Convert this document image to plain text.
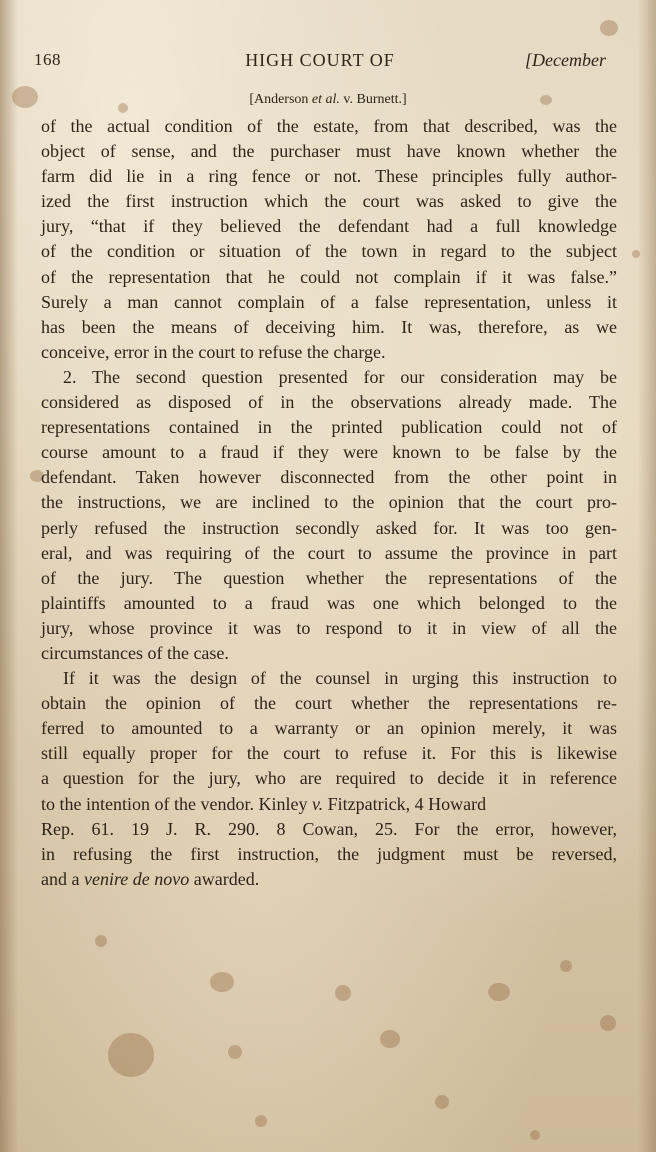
168	HIGH COURT OF	[December
[Anderson et al. v. Burnett.]
of the actual condition of the estate, from that described, was the
object of sense, and the purchaser must have known whether the
farm did lie in a ring fence or not. These principles fully author-
ized the first instruction which the court was asked to give the
jury, “that if they believed the defendant had a full knowledge
of the condition or situation of the town in regard to the subject
of the representation that he could not complain if it was false.”
Surely a man cannot complain of a false representation, unless it
has been the means of deceiving him. It was, therefore, as we
conceive, error in the court to refuse the charge.
2. The second question presented for our consideration may be
considered as disposed of in the observations already made. The
representations contained in the printed publication could not of
course amount to a fraud if they were known to be false by the
defendant. Taken however disconnected from the other point in
the instructions, we are inclined to the opinion that the court pro-
perly refused the instruction secondly asked for. It was too gen-
eral, and was requiring of the court to assume the province in part
of the jury. The question whether the representations of the
plaintiffs amounted to a fraud was one which belonged to the
jury, whose province it was to respond to it in view of all the
circumstances of the case.
If it was the design of the counsel in urging this instruction to
obtain the opinion of the court whether the representations re-
ferred to amounted to a warranty or an opinion merely, it was
still equally proper for the court to refuse it. For this is likewise
a question for the jury, who are required to decide it in reference
to the intention of the vendor. Kinley v. Fitzpatrick, 4 Howard
Rep. 61. 19 J. R. 290. 8 Cowan, 25. For the error, however,
in refusing the first instruction, the judgment must be reversed,
and a venire de novo awarded.
